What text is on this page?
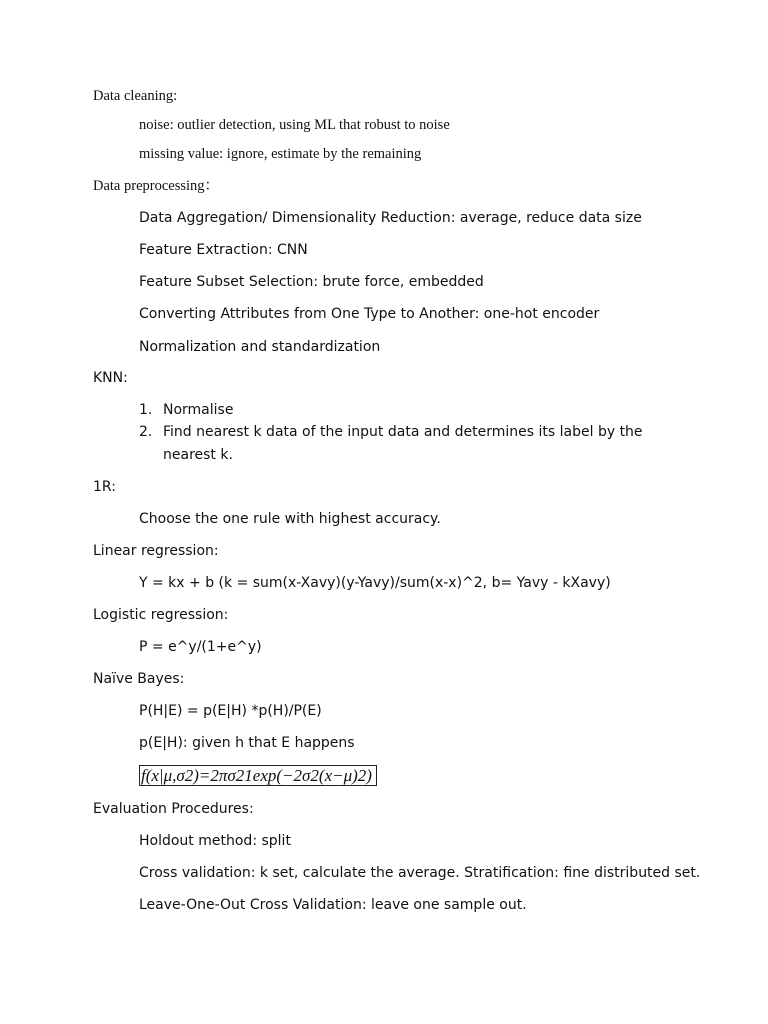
Data cleaning:
noise: outlier detection, using ML that robust to noise
missing value: ignore, estimate by the remaining
Data preprocessing：
Data Aggregation/ Dimensionality Reduction: average, reduce data size
Feature Extraction: CNN
Feature Subset Selection: brute force, embedded
Converting Attributes from One Type to Another: one-hot encoder
Normalization and standardization
KNN:
1. Normalise
2. Find nearest k data of the input data and determines its label by the
nearest k.
1R:
Choose the one rule with highest accuracy.
Linear regression:
Y = kx + b (k = sum(x-Xavy)(y-Yavy)/sum(x-x)^2, b= Yavy - kXavy)
Logistic regression:
P = e^y/(1+e^y)
Naïve Bayes:
P(H|E) = p(E|H) *p(H)/P(E)
p(E|H): given h that E happens
f(x|μ,σ2)=2πσ21exp(−2σ2(x−μ)2)
Evaluation Procedures:
Holdout method: split
Cross validation: k set, calculate the average. Stratification: fine distributed set.
Leave-One-Out Cross Validation: leave one sample out.
